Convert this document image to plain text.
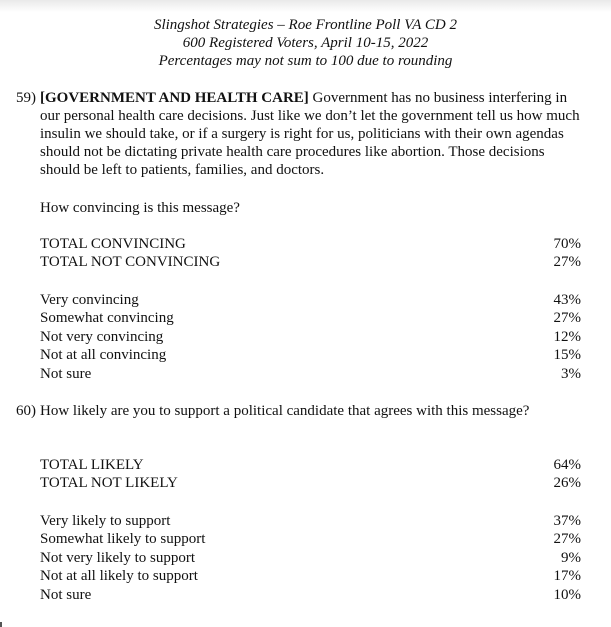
Slingshot Strategies – Roe Frontline Poll VA CD 2
600 Registered Voters, April 10-15, 2022
Percentages may not sum to 100 due to rounding
59) [GOVERNMENT AND HEALTH CARE] Government has no business interfering in our personal health care decisions. Just like we don’t let the government tell us how much insulin we should take, or if a surgery is right for us, politicians with their own agendas should not be dictating private health care procedures like abortion. Those decisions should be left to patients, families, and doctors.
How convincing is this message?
TOTAL CONVINCING	70%
TOTAL NOT CONVINCING	27%
Very convincing	43%
Somewhat convincing	27%
Not very convincing	12%
Not at all convincing	15%
Not sure	3%
60) How likely are you to support a political candidate that agrees with this message?
TOTAL LIKELY	64%
TOTAL NOT LIKELY	26%
Very likely to support	37%
Somewhat likely to support	27%
Not very likely to support	9%
Not at all likely to support	17%
Not sure	10%
